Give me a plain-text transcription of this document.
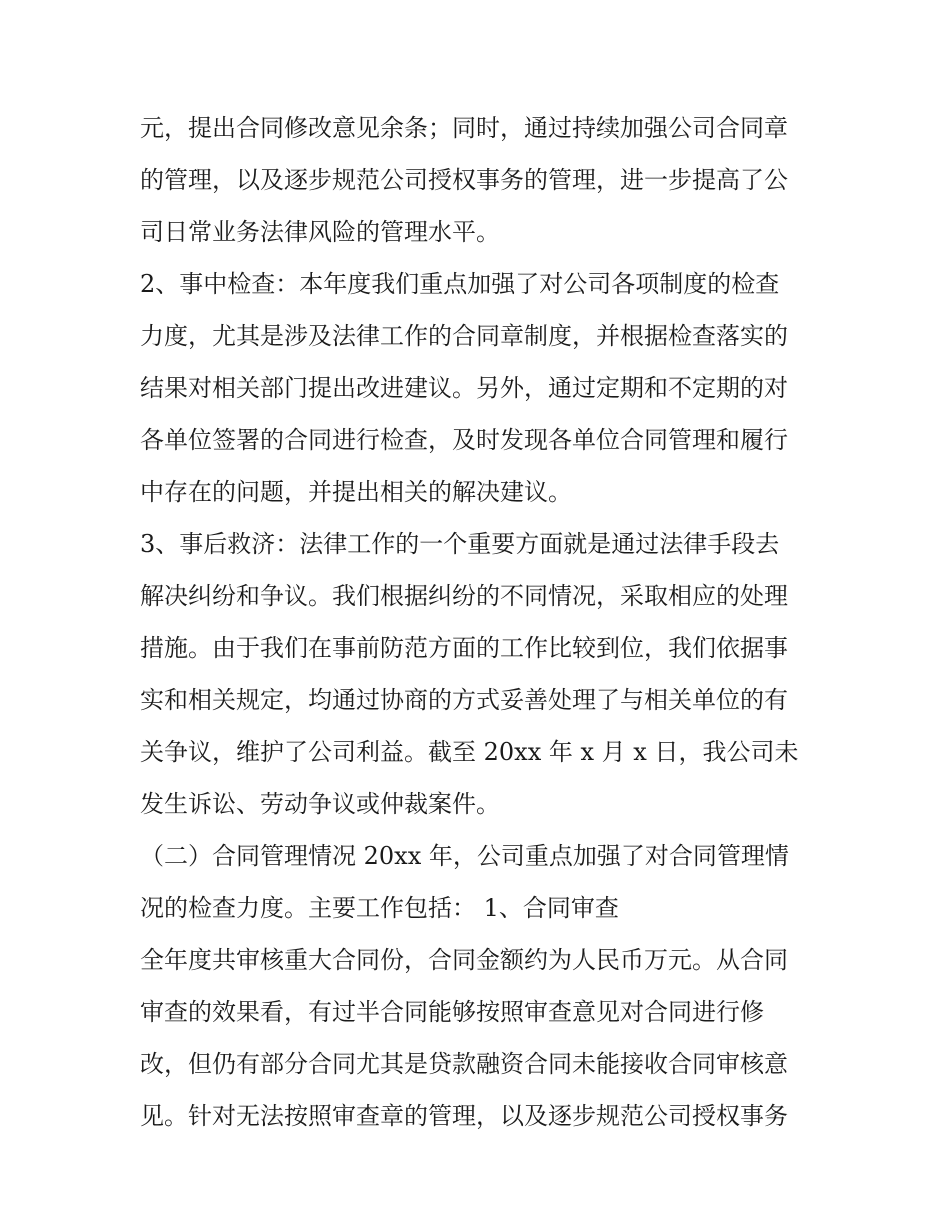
元，提出合同修改意见余条；同时，通过持续加强公司合同章
的管理，以及逐步规范公司授权事务的管理，进一步提高了公
司日常业务法律风险的管理水平。
2、事中检查：本年度我们重点加强了对公司各项制度的检查
力度，尤其是涉及法律工作的合同章制度，并根据检查落实的
结果对相关部门提出改进建议。另外，通过定期和不定期的对
各单位签署的合同进行检查，及时发现各单位合同管理和履行
中存在的问题，并提出相关的解决建议。
3、事后救济：法律工作的一个重要方面就是通过法律手段去
解决纠纷和争议。我们根据纠纷的不同情况，采取相应的处理
措施。由于我们在事前防范方面的工作比较到位，我们依据事
实和相关规定，均通过协商的方式妥善处理了与相关单位的有
关争议，维护了公司利益。截至 20xx 年 x 月 x 日，我公司未
发生诉讼、劳动争议或仲裁案件。
（二）合同管理情况 20xx 年，公司重点加强了对合同管理情
况的检查力度。主要工作包括： 1、合同审查
全年度共审核重大合同份，合同金额约为人民币万元。从合同
审查的效果看，有过半合同能够按照审查意见对合同进行修
改，但仍有部分合同尤其是贷款融资合同未能接收合同审核意
见。针对无法按照审查章的管理，以及逐步规范公司授权事务
